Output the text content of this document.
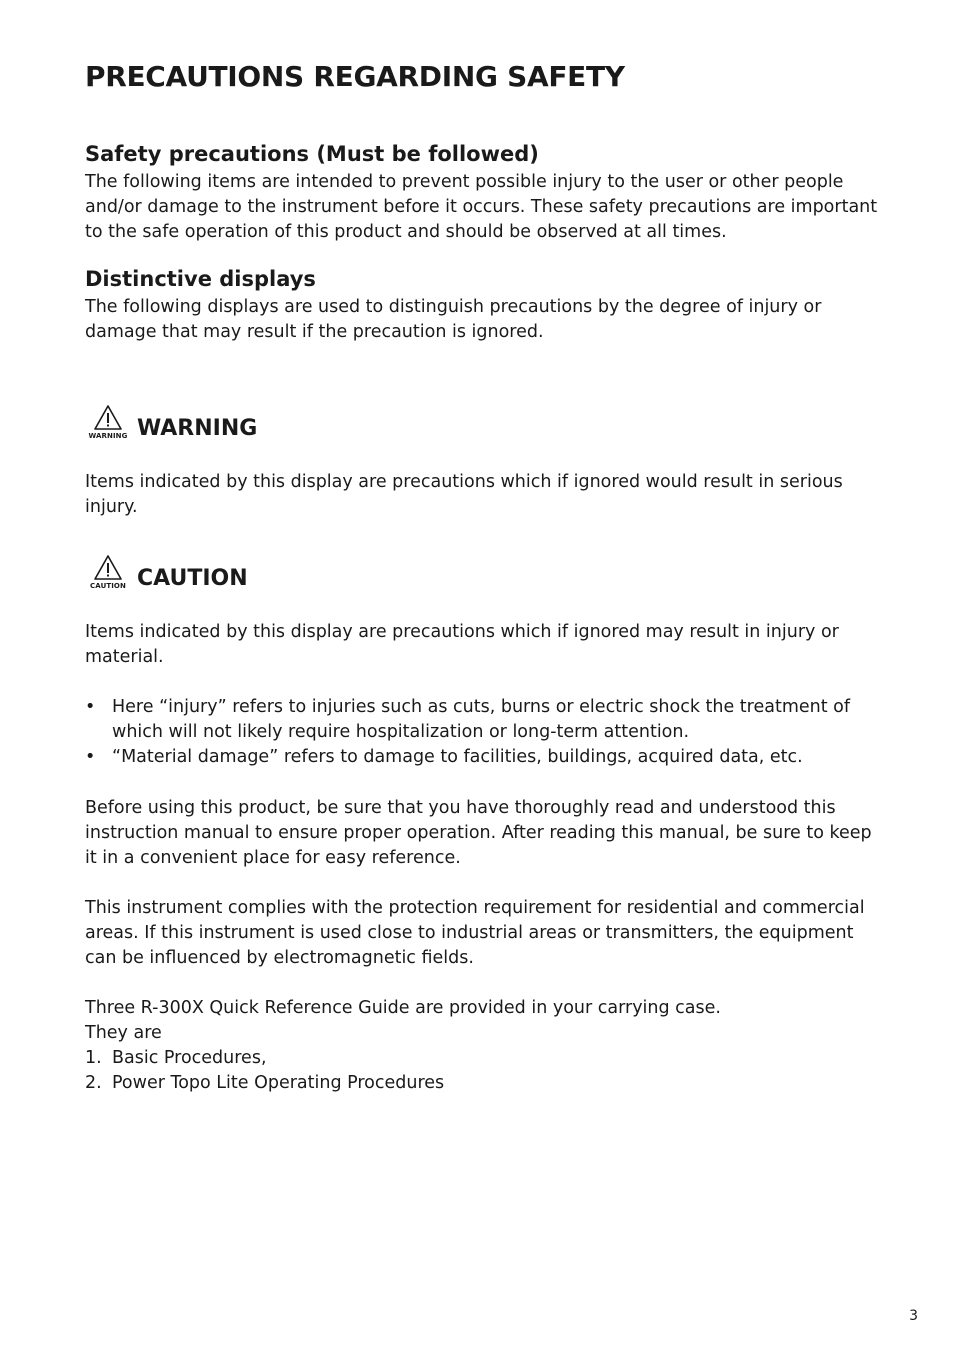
PRECAUTIONS REGARDING SAFETY
Safety precautions (Must be followed)

The following items are intended to prevent possible injury to the user or other people and/or damage to the instrument before it occurs. These safety precautions are important to the safe operation of this product and should be observed at all times.

Distinctive displays

The following displays are used to distinguish precautions by the degree of injury or damage that may result if the precaution is ignored.

WARNING WARNING

Items indicated by this display are precautions which if ignored would result in serious injury.

CAUTION CAUTION

Items indicated by this display are precautions which if ignored may result in injury or material.

• Here “injury” refers to injuries such as cuts, burns or electric shock the treatment of which will not likely require hospitalization or long-term attention.
• “Material damage” refers to damage to facilities, buildings, acquired data, etc.

Before using this product, be sure that you have thoroughly read and understood this instruction manual to ensure proper operation. After reading this manual, be sure to keep it in a convenient place for easy reference.

This instrument complies with the protection requirement for residential and commercial areas. If this instrument is used close to industrial areas or transmitters, the equipment can be influenced by electromagnetic fields.

Three R-300X Quick Reference Guide are provided in your carrying case.

They are

1. Basic Procedures,
2. Power Topo Lite Operating Procedures
3
